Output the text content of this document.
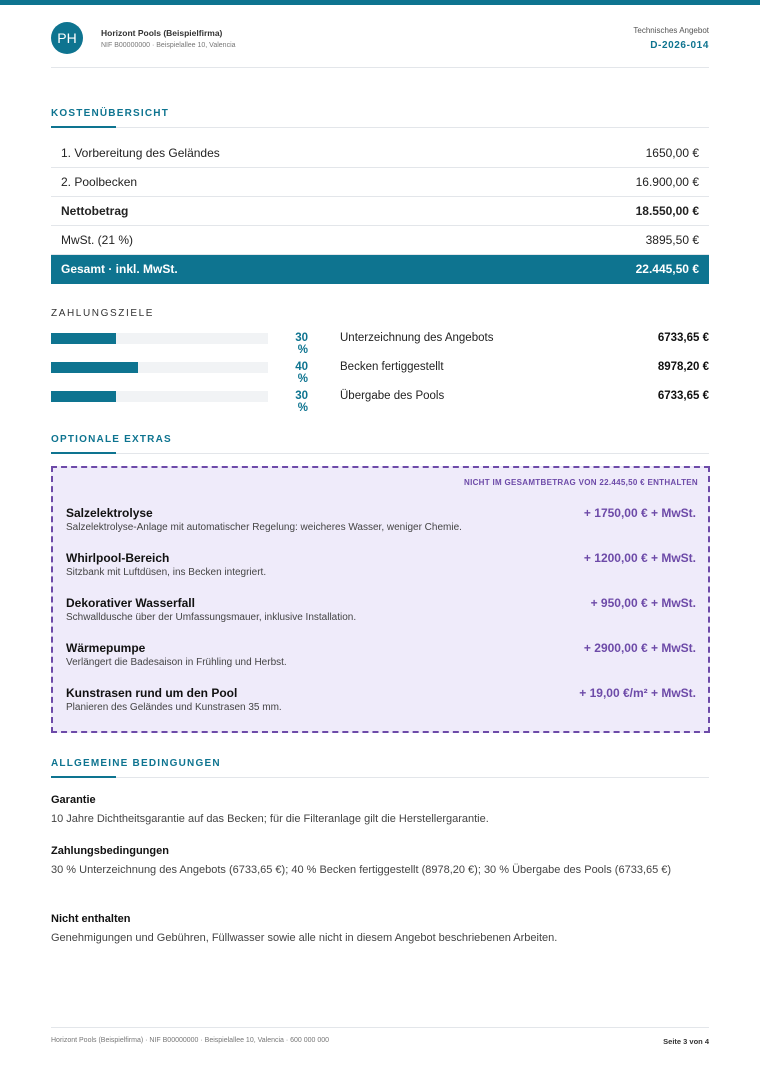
PH	Horizont Pools (Beispielfirma)
NIF B00000000 · Beispielallee 10, Valencia
Technisches Angebot
D-2026-014
KOSTENÜBERSICHT
1. Vorbereitung des Geländes	1650,00 €
2. Poolbecken	16.900,00 €
Nettobetrag	18.550,00 €
MwSt. (21 %)	3895,50 €
Gesamt · inkl. MwSt.	22.445,50 €
ZAHLUNGSZIELE
30 %
Unterzeichnung des Angebots	6733,65 €
40 %
Becken fertiggestellt	8978,20 €
30 %
Übergabe des Pools	6733,65 €
OPTIONALE EXTRAS
NICHT IM GESAMTBETRAG VON 22.445,50 € ENTHALTEN
Salzelektrolyse
Salzelektrolyse-Anlage mit automatischer Regelung: weicheres Wasser, weniger Chemie.
+ 1750,00 € + MwSt.
Whirlpool-Bereich
Sitzbank mit Luftdüsen, ins Becken integriert.
+ 1200,00 € + MwSt.
Dekorativer Wasserfall
Schwalldusche über der Umfassungsmauer, inklusive Installation.
+ 950,00 € + MwSt.
Wärmepumpe
Verlängert die Badesaison in Frühling und Herbst.
+ 2900,00 € + MwSt.
Kunstrasen rund um den Pool
Planieren des Geländes und Kunstrasen 35 mm.
+ 19,00 €/m² + MwSt.
ALLGEMEINE BEDINGUNGEN
Garantie
10 Jahre Dichtheitsgarantie auf das Becken; für die Filteranlage gilt die Herstellergarantie.
Zahlungsbedingungen
30 % Unterzeichnung des Angebots (6733,65 €); 40 % Becken fertiggestellt (8978,20 €); 30 % Übergabe des Pools (6733,65 €)
Nicht enthalten
Genehmigungen und Gebühren, Füllwasser sowie alle nicht in diesem Angebot beschriebenen Arbeiten.
Horizont Pools (Beispielfirma) · NIF B00000000 · Beispielallee 10, Valencia · 600 000 000	Seite 3 von 4
